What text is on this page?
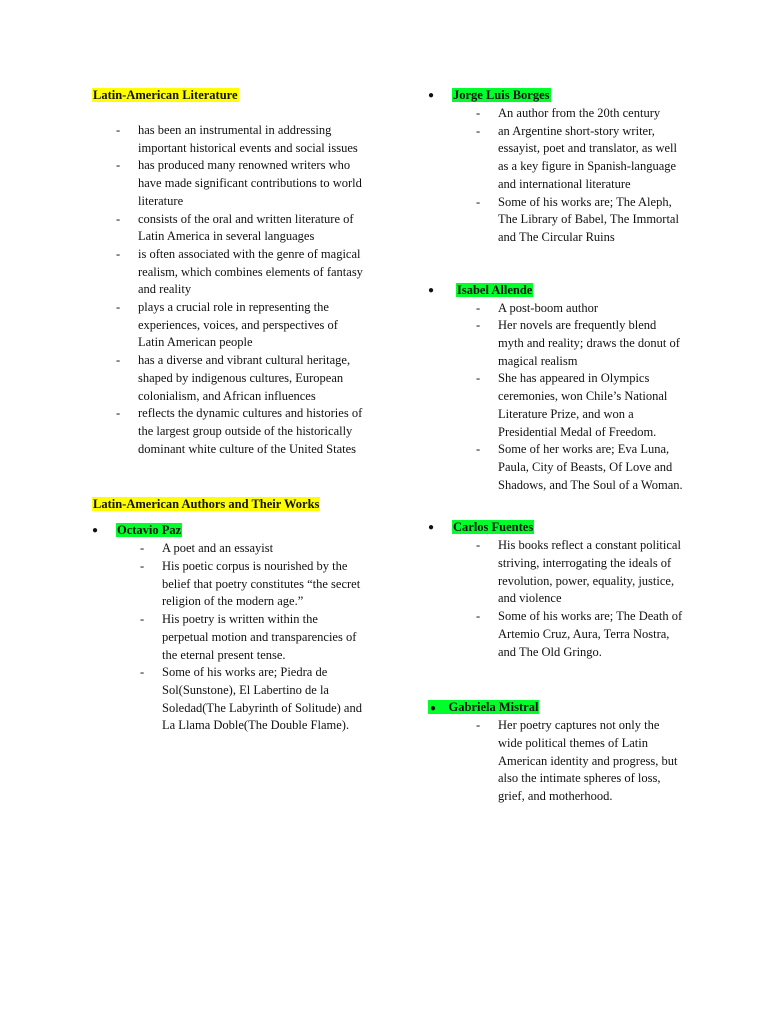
Latin-American Literature
- has been an instrumental in addressing important historical events and social issues
- has produced many renowned writers who have made significant contributions to world literature
- consists of the oral and written literature of Latin America in several languages
- is often associated with the genre of magical realism, which combines elements of fantasy and reality
- plays a crucial role in representing the experiences, voices, and perspectives of Latin American people
- has a diverse and vibrant cultural heritage, shaped by indigenous cultures, European colonialism, and African influences
- reflects the dynamic cultures and histories of the largest group outside of the historically dominant white culture of the United States
Latin-American Authors and Their Works
●	Octavio Paz
- A poet and an essayist
- His poetic corpus is nourished by the belief that poetry constitutes “the secret religion of the modern age.”
- His poetry is written within the perpetual motion and transparencies of the eternal present tense.
- Some of his works are; Piedra de Sol(Sunstone), El Labertino de la Soledad(The Labyrinth of Solitude) and La Llama Doble(The Double Flame).
●	Jorge Luis Borges
- An author from the 20th century
- an Argentine short-story writer, essayist, poet and translator, as well as a key figure in Spanish-language and international literature
- Some of his works are; The Aleph, The Library of Babel, The Immortal and The Circular Ruins
●	Isabel Allende
- A post-boom author
- Her novels are frequently blend myth and reality; draws the donut of magical realism
- She has appeared in Olympics ceremonies, won Chile’s National Literature Prize, and won a Presidential Medal of Freedom.
- Some of her works are; Eva Luna, Paula, City of Beasts, Of Love and Shadows, and The Soul of a Woman.
●	Carlos Fuentes
- His books reflect a constant political striving, interrogating the ideals of revolution, power, equality, justice, and violence
- Some of his works are; The Death of Artemio Cruz, Aura, Terra Nostra, and The Old Gringo.
● Gabriela Mistral
- Her poetry captures not only the wide political themes of Latin American identity and progress, but also the intimate spheres of loss, grief, and motherhood.
